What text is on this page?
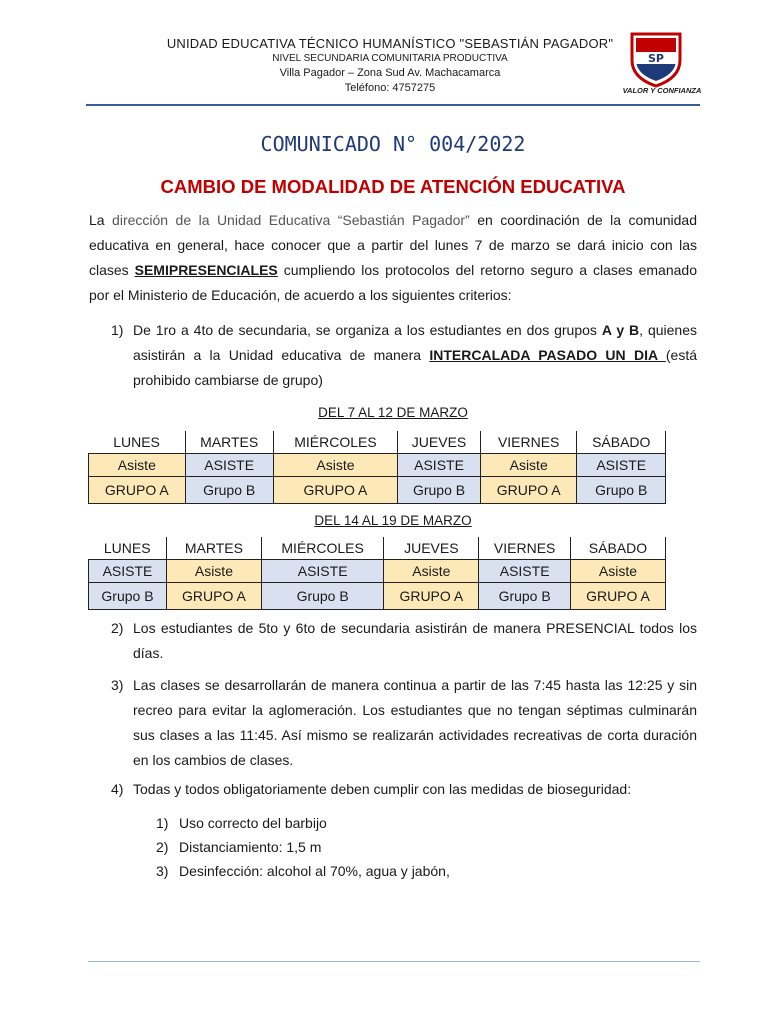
UNIDAD EDUCATIVA TÉCNICO HUMANÍSTICO "SEBASTIÁN PAGADOR"
NIVEL SECUNDARIA COMUNITARIA PRODUCTIVA
Villa Pagador – Zona Sud Av. Machacamarca
Teléfono: 4757275
SP
VALOR Y CONFIANZA
COMUNICADO N° 004/2022
CAMBIO DE MODALIDAD DE ATENCIÓN EDUCATIVA
La dirección de la Unidad Educativa “Sebastián Pagador” en coordinación de la comunidad educativa en general, hace conocer que a partir del lunes 7 de marzo se dará inicio con las clases SEMIPRESENCIALES cumpliendo los protocolos del retorno seguro a clases emanado por el Ministerio de Educación, de acuerdo a los siguientes criterios:
1) De 1ro a 4to de secundaria, se organiza a los estudiantes en dos grupos A y B, quienes asistirán a la Unidad educativa de manera INTERCALADA PASADO UN DIA (está prohibido cambiarse de grupo)
DEL 7 AL 12 DE MARZO
LUNES	MARTES	MIÉRCOLES	JUEVES	VIERNES	SÁBADO
Asiste	ASISTE	Asiste	ASISTE	Asiste	ASISTE
GRUPO A	Grupo B	GRUPO A	Grupo B	GRUPO A	Grupo B
DEL 14 AL 19 DE MARZO
LUNES	MARTES	MIÉRCOLES	JUEVES	VIERNES	SÁBADO
ASISTE	Asiste	ASISTE	Asiste	ASISTE	Asiste
Grupo B	GRUPO A	Grupo B	GRUPO A	Grupo B	GRUPO A
2) Los estudiantes de 5to y 6to de secundaria asistirán de manera PRESENCIAL todos los días.
3) Las clases se desarrollarán de manera continua a partir de las 7:45 hasta las 12:25 y sin recreo para evitar la aglomeración. Los estudiantes que no tengan séptimas culminarán sus clases a las 11:45. Así mismo se realizarán actividades recreativas de corta duración en los cambios de clases.
4) Todas y todos obligatoriamente deben cumplir con las medidas de bioseguridad:
1) Uso correcto del barbijo
2) Distanciamiento: 1,5 m
3) Desinfección: alcohol al 70%, agua y jabón,
